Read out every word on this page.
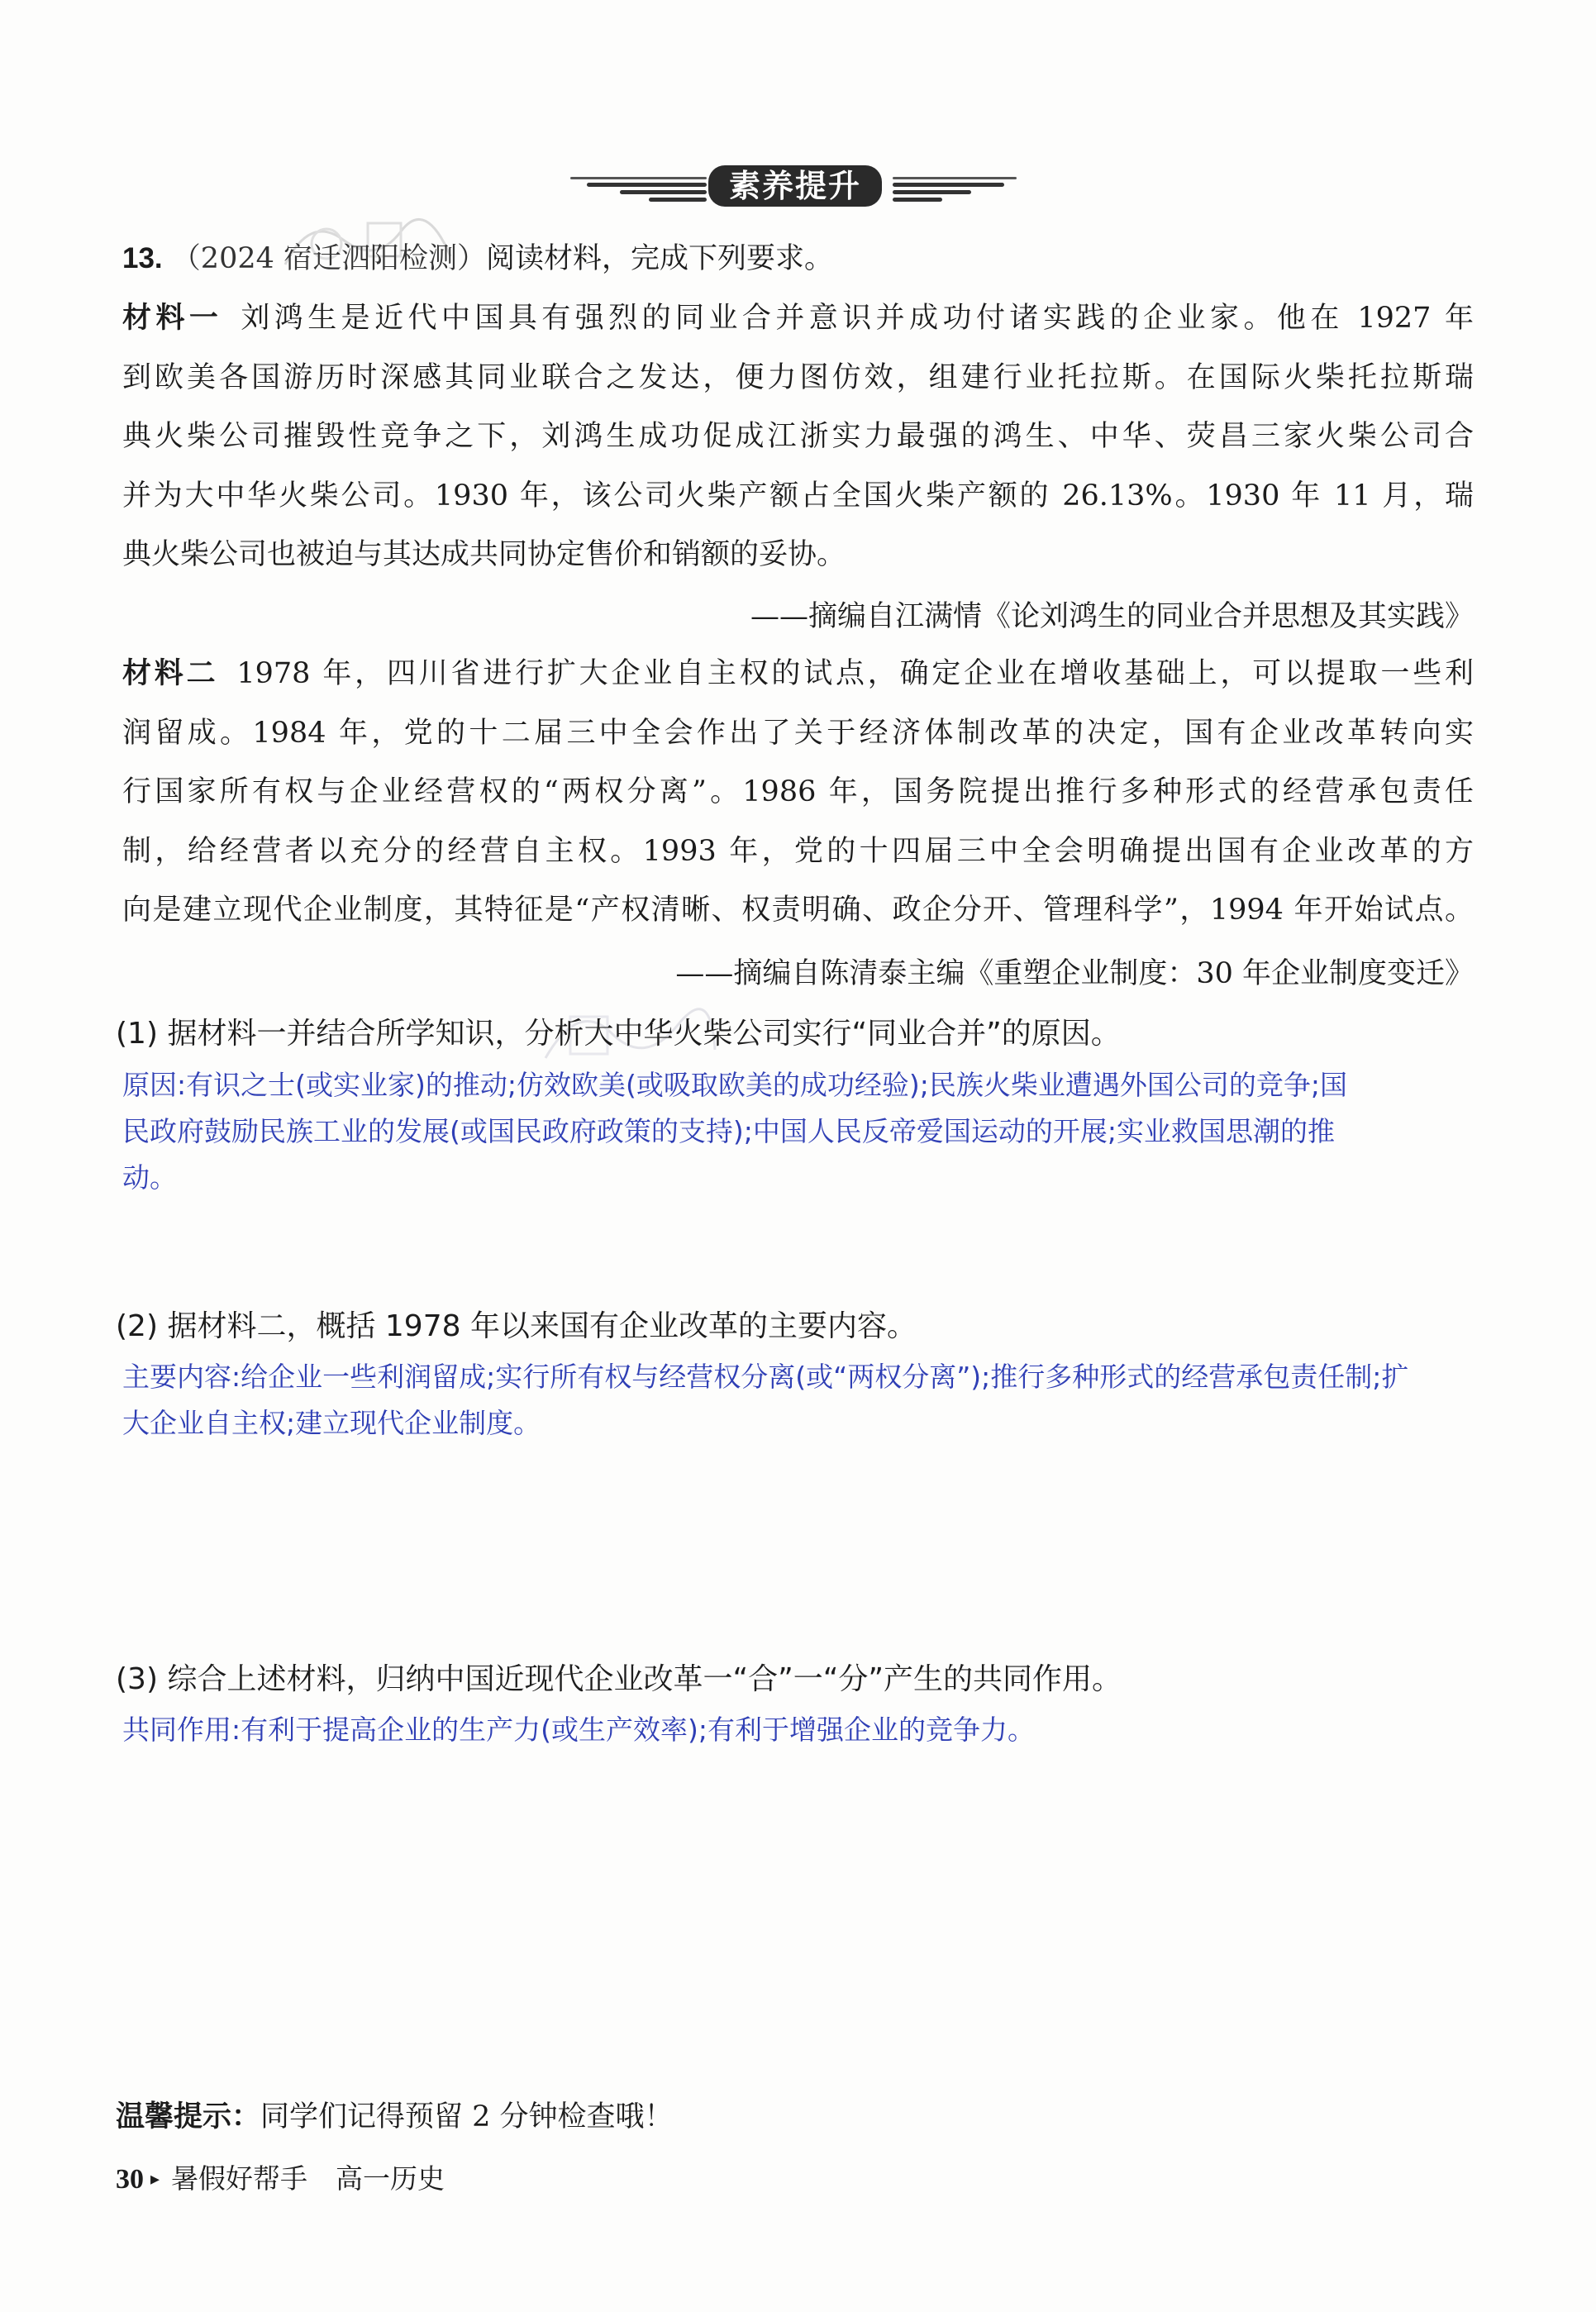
素养提升
13. （2024 宿迁泗阳检测）阅读材料，完成下列要求。
材料一 刘鸿生是近代中国具有强烈的同业合并意识并成功付诸实践的企业家。他在 1927 年
到欧美各国游历时深感其同业联合之发达，便力图仿效，组建行业托拉斯。在国际火柴托拉斯瑞
典火柴公司摧毁性竞争之下，刘鸿生成功促成江浙实力最强的鸿生、中华、荧昌三家火柴公司合
并为大中华火柴公司。1930 年，该公司火柴产额占全国火柴产额的 26.13%。1930 年 11 月，瑞
典火柴公司也被迫与其达成共同协定售价和销额的妥协。
——摘编自江满情《论刘鸿生的同业合并思想及其实践》
材料二 1978 年，四川省进行扩大企业自主权的试点，确定企业在增收基础上，可以提取一些利
润留成。1984 年，党的十二届三中全会作出了关于经济体制改革的决定，国有企业改革转向实
行国家所有权与企业经营权的“两权分离”。1986 年，国务院提出推行多种形式的经营承包责任
制，给经营者以充分的经营自主权。1993 年，党的十四届三中全会明确提出国有企业改革的方
向是建立现代企业制度，其特征是“产权清晰、权责明确、政企分开、管理科学”，1994 年开始试点。
——摘编自陈清泰主编《重塑企业制度：30 年企业制度变迁》
(1) 据材料一并结合所学知识，分析大中华火柴公司实行“同业合并”的原因。
原因:有识之士(或实业家)的推动;仿效欧美(或吸取欧美的成功经验);民族火柴业遭遇外国公司的竞争;国
民政府鼓励民族工业的发展(或国民政府政策的支持);中国人民反帝爱国运动的开展;实业救国思潮的推
动。
(2) 据材料二，概括 1978 年以来国有企业改革的主要内容。
主要内容:给企业一些利润留成;实行所有权与经营权分离(或“两权分离”);推行多种形式的经营承包责任制;扩
大企业自主权;建立现代企业制度。
(3) 综合上述材料，归纳中国近现代企业改革一“合”一“分”产生的共同作用。
共同作用:有利于提高企业的生产力(或生产效率);有利于增强企业的竞争力。
温馨提示：同学们记得预留 2 分钟检查哦！
30 ▸ 暑假好帮手 高一历史
